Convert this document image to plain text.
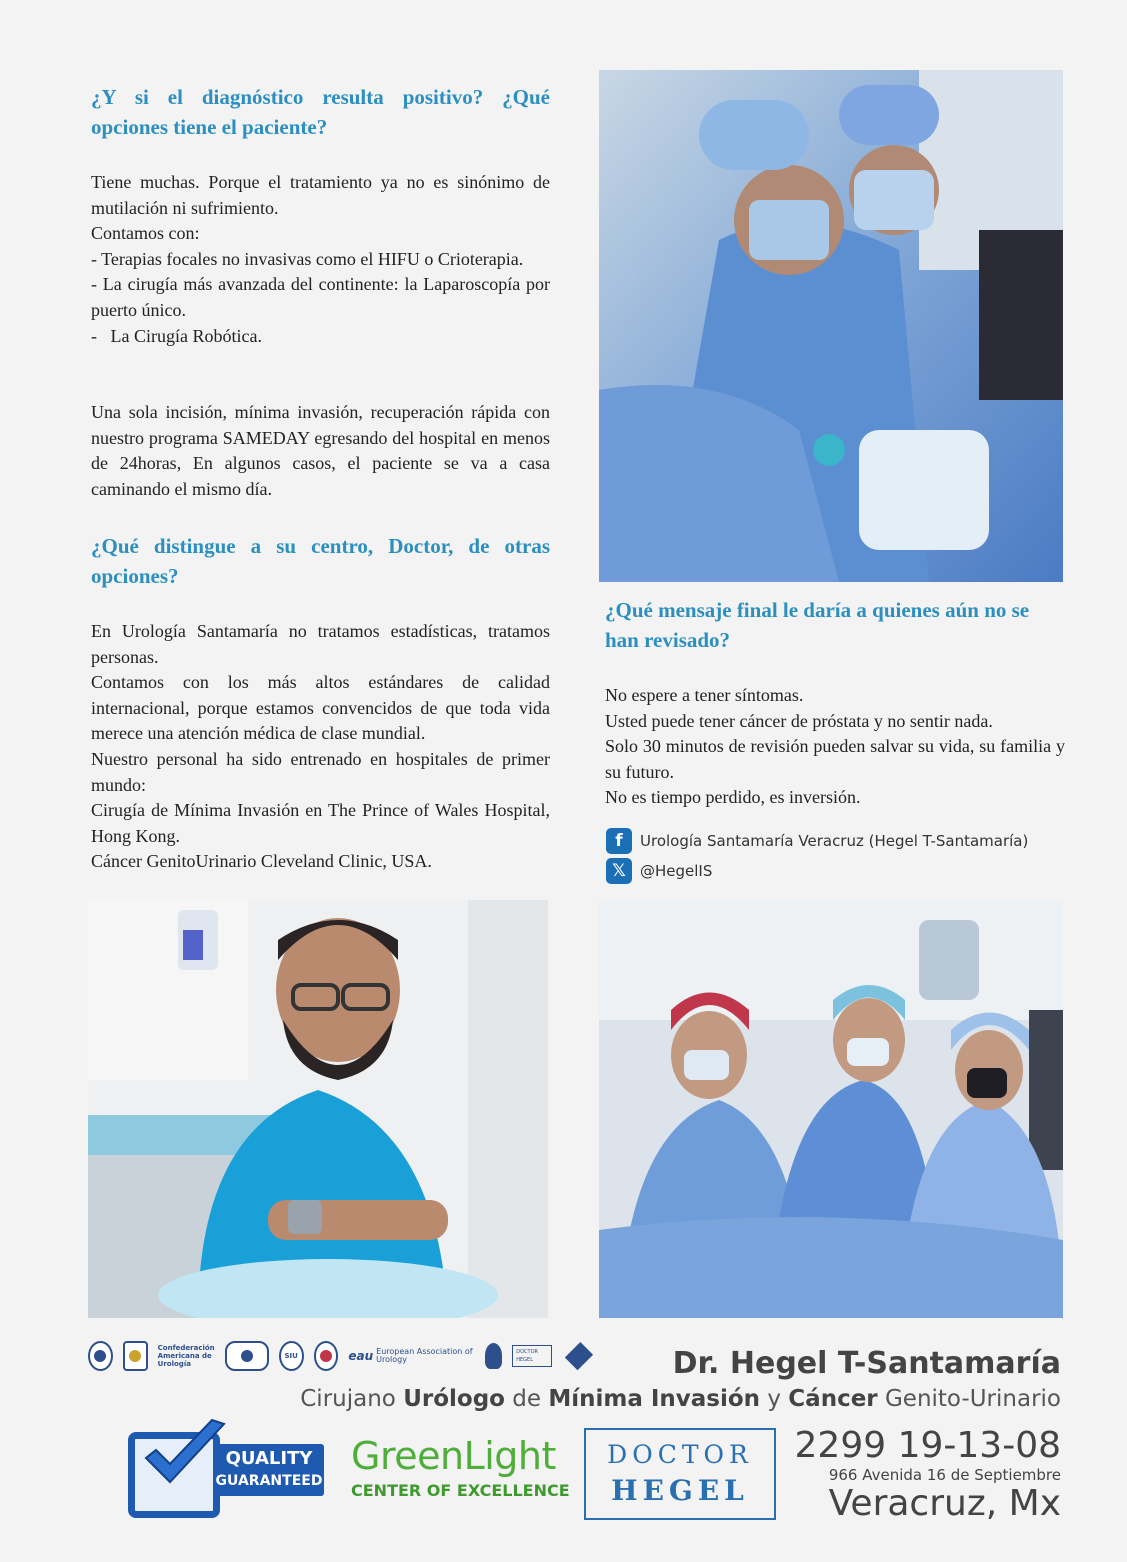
¿Y si el diagnóstico resulta positivo? ¿Qué opciones tiene el paciente?
Tiene muchas. Porque el tratamiento ya no es sinónimo de mutilación ni sufrimiento.
Contamos con:
- Terapias focales no invasivas como el HIFU o Crioterapia.
- La cirugía más avanzada del continente: la Laparoscopía por puerto único.
-   La Cirugía Robótica.
Una sola incisión, mínima invasión, recuperación rápida con nuestro programa SAMEDAY egresando del hospital en menos de 24horas, En algunos casos, el paciente se va a casa caminando el mismo día.
¿Qué distingue a su centro, Doctor, de otras opciones?
En Urología Santamaría no tratamos estadísticas, tratamos personas.
Contamos con los más altos estándares de calidad internacional, porque estamos convencidos de que toda vida merece una atención médica de clase mundial.
Nuestro personal ha sido entrenado en hospitales de primer mundo:
Cirugía de Mínima Invasión en The Prince of Wales Hospital, Hong Kong.
Cáncer GenitoUrinario Cleveland Clinic, USA.
¿Qué mensaje final le daría a quienes aún no se han revisado?
No espere a tener síntomas.
Usted puede tener cáncer de próstata y no sentir nada.
Solo 30 minutos de revisión pueden salvar su vida, su familia y su futuro.
No es tiempo perdido, es inversión.
f	Urología Santamaría Veracruz (Hegel T-Santamaría)
𝕏 @HegelIS
Confederación
Americana de
Urología
SIU	eau European Association of Urology
DOCTOR HEGEL	Dr. Hegel T-Santamaría
Cirujano Urólogo de Mínima Invasión y Cáncer Genito-Urinario
QUALITY
GUARANTEED
GreenLight
CENTER OF EXCELLENCE
DOCTOR
HEGEL
2299 19-13-08
966 Avenida 16 de Septiembre
Veracruz, Mx
